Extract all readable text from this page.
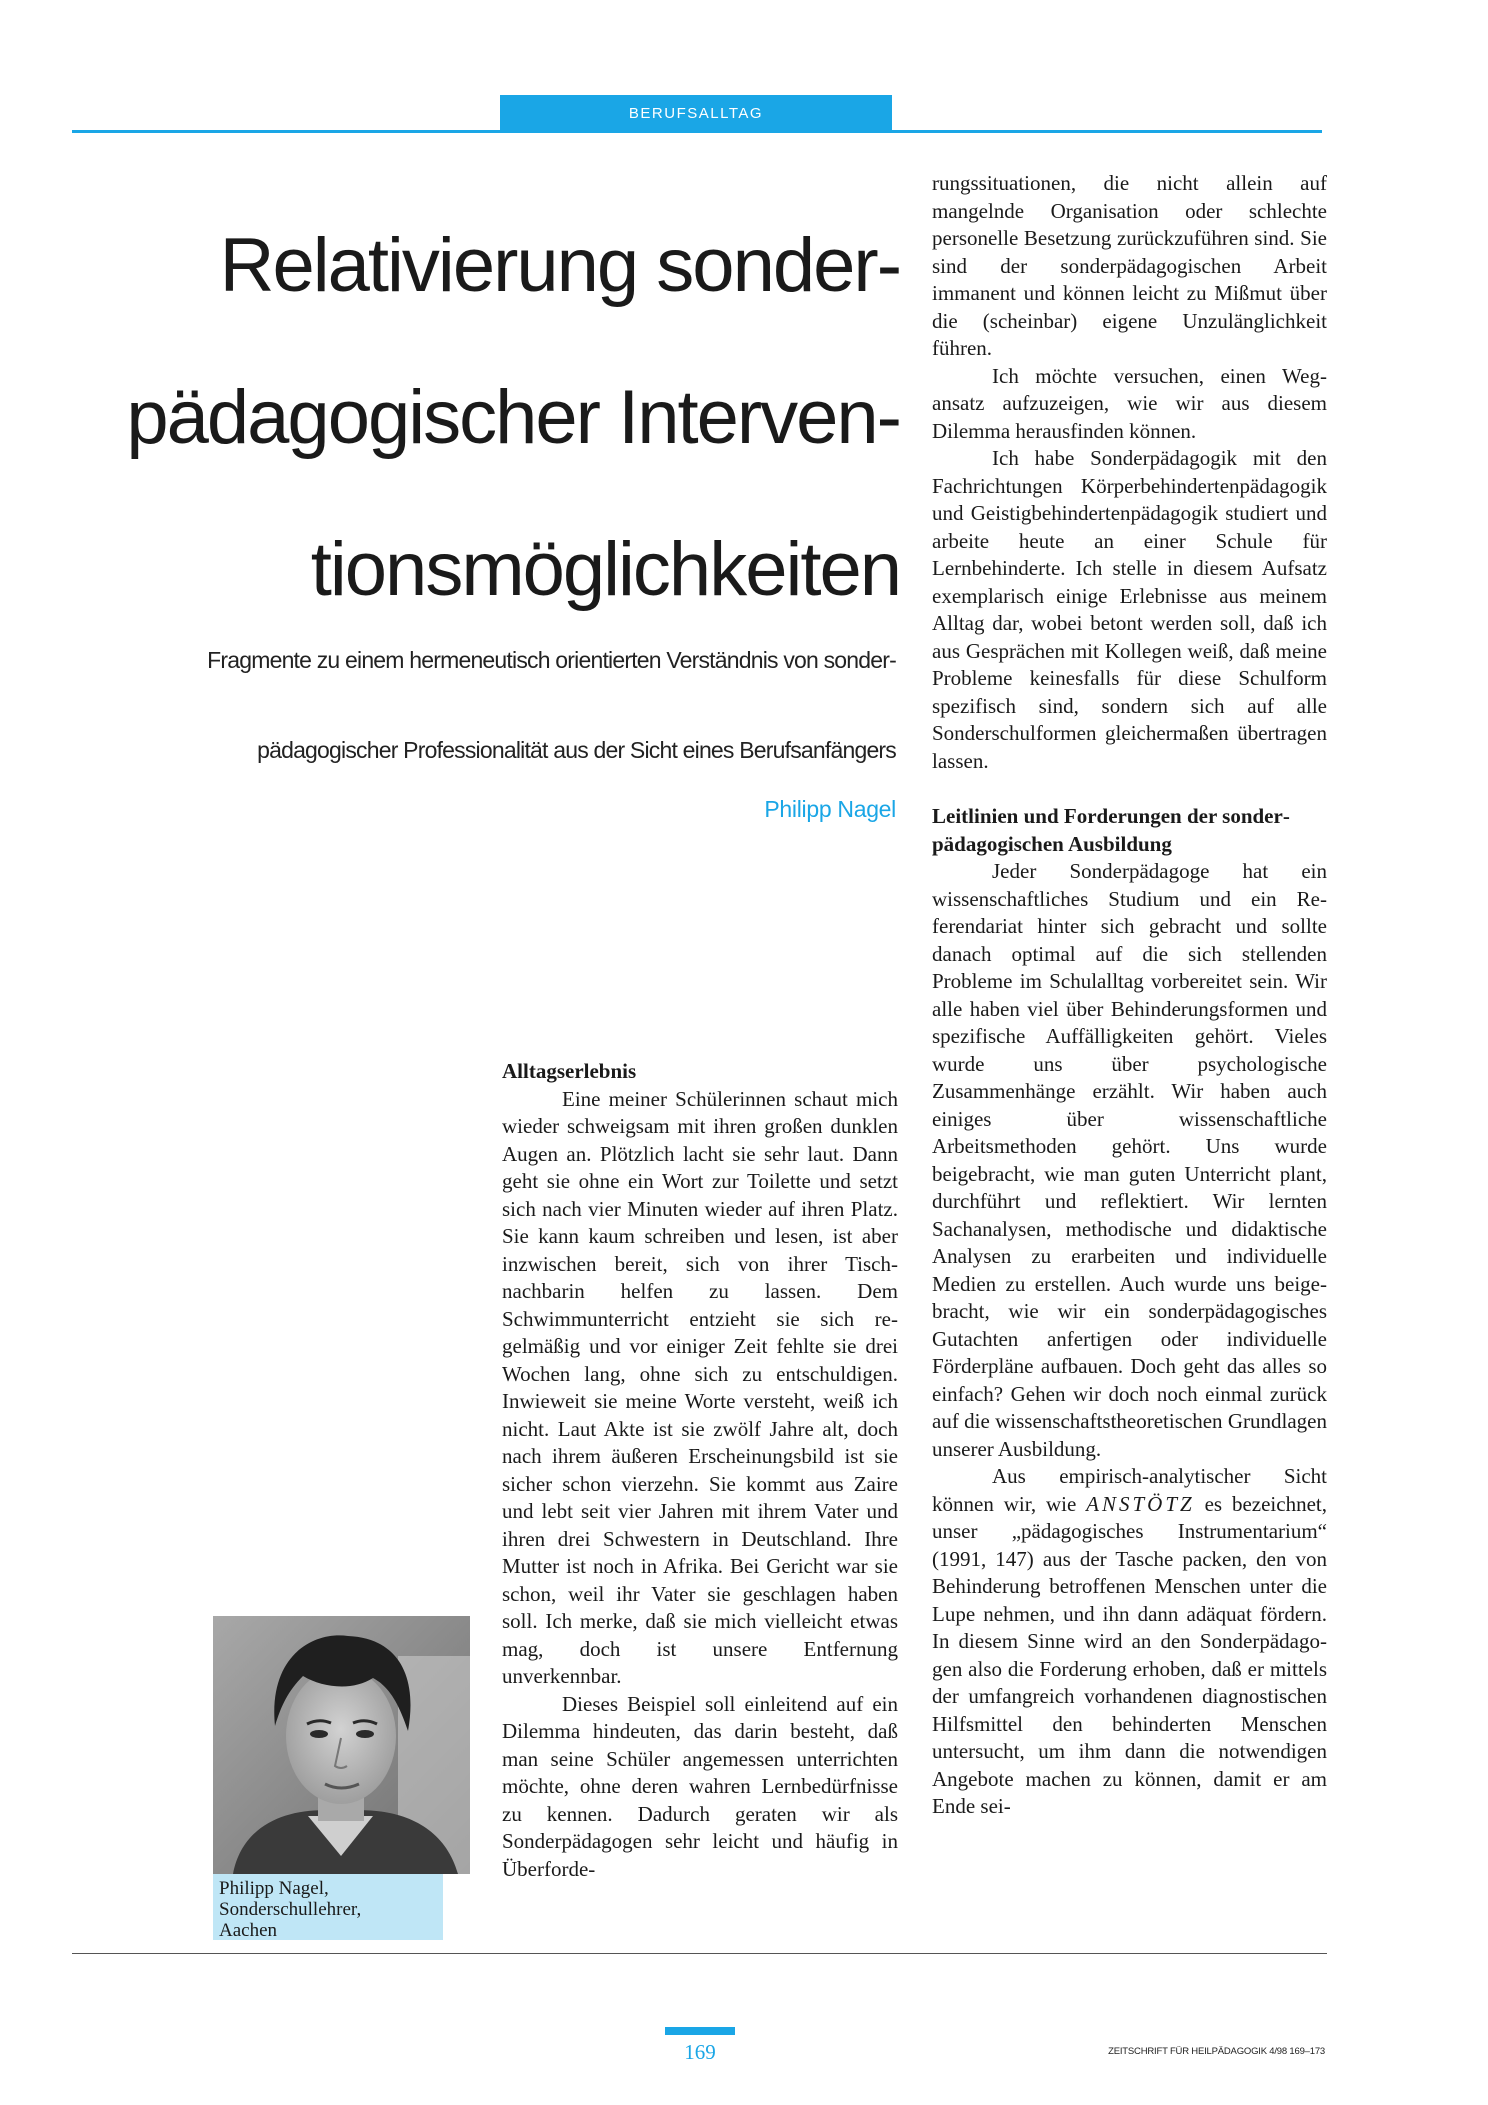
BERUFSALLTAG
Relativierung sonder-
pädagogischer Interven-
tionsmöglichkeiten
Fragmente zu einem hermeneutisch orientierten Verständnis von sonder-
pädagogischer Professionalität aus der Sicht eines Berufsanfängers
Philipp Nagel
Alltagserlebnis

Eine meiner Schülerinnen schaut mich wieder schweigsam mit ihren großen dunklen Augen an. Plötzlich lacht sie sehr laut. Dann geht sie ohne ein Wort zur Toilette und setzt sich nach vier Minuten wieder auf ihren Platz. Sie kann kaum schreiben und lesen, ist aber inzwischen bereit, sich von ihrer Tischnachbarin helfen zu lassen. Dem Schwimmunterricht entzieht sie sich regelmäßig und vor einiger Zeit fehlte sie drei Wochen lang, ohne sich zu entschuldigen. Inwieweit sie meine Worte versteht, weiß ich nicht. Laut Akte ist sie zwölf Jahre alt, doch nach ihrem äußeren Erscheinungsbild ist sie sicher schon vierzehn. Sie kommt aus Zaire und lebt seit vier Jahren mit ihrem Vater und ihren drei Schwestern in Deutschland. Ihre Mutter ist noch in Afrika. Bei Gericht war sie schon, weil ihr Vater sie geschlagen haben soll. Ich merke, daß sie mich vielleicht etwas mag, doch ist unsere Entfernung unverkennbar.

Dieses Beispiel soll einleitend auf ein Dilemma hindeuten, das darin besteht, daß man seine Schüler angemessen unterrichten möchte, ohne deren wahren Lernbedürfnisse zu kennen. Dadurch geraten wir als Sonderpädagogen sehr leicht und häufig in Überforde-

rungssituationen, die nicht allein auf mangelnde Organisation oder schlechte personelle Besetzung zurückzuführen sind. Sie sind der sonderpädagogischen Arbeit immanent und können leicht zu Mißmut über die (scheinbar) eigene Unzulänglichkeit führen.

Ich möchte versuchen, einen Wegansatz aufzuzeigen, wie wir aus diesem Dilemma herausfinden können.

Ich habe Sonderpädagogik mit den Fachrichtungen Körperbehindertenpädagogik und Geistigbehindertenpädagogik studiert und arbeite heute an einer Schule für Lernbehinderte. Ich stelle in diesem Aufsatz exemplarisch einige Erlebnisse aus meinem Alltag dar, wobei betont werden soll, daß ich aus Gesprächen mit Kollegen weiß, daß meine Probleme keinesfalls für diese Schulform spezifisch sind, sondern sich auf alle Sonderschulformen gleichermaßen übertragen lassen.

Leitlinien und Forderungen der sonderpädagogischen Ausbildung

Jeder Sonderpädagoge hat ein wissenschaftliches Studium und ein Referendariat hinter sich gebracht und sollte danach optimal auf die sich stellenden Probleme im Schulalltag vorbereitet sein. Wir alle haben viel über Behinderungsformen und spezifische Auffälligkeiten gehört. Vieles wurde uns über psychologische Zusammenhänge erzählt. Wir haben auch einiges über wissenschaftliche Arbeitsmethoden gehört. Uns wurde beigebracht, wie man guten Unterricht plant, durchführt und reflektiert. Wir lernten Sachanalysen, methodische und didaktische Analysen zu erarbeiten und individuelle Medien zu erstellen. Auch wurde uns beigebracht, wie wir ein sonderpädagogisches Gutachten anfertigen oder individuelle Förderpläne aufbauen. Doch geht das alles so einfach? Gehen wir doch noch einmal zurück auf die wissenschaftstheoretischen Grundlagen unserer Ausbildung.

Aus empirisch-analytischer Sicht können wir, wie ANSTÖTZ es bezeichnet, unser „pädagogisches Instrumentarium“ (1991, 147) aus der Tasche packen, den von Behinderung betroffenen Menschen unter die Lupe nehmen, und ihn dann adäquat fördern. In diesem Sinne wird an den Sonderpädagogen also die Forderung erhoben, daß er mittels der umfangreich vorhandenen diagnostischen Hilfsmittel den behinderten Menschen untersucht, um ihm dann die notwendigen Angebote machen zu können, damit er am Ende sei-

Philipp Nagel,
Sonderschullehrer,
Aachen
169	ZEITSCHRIFT FÜR HEILPÄDAGOGIK 4/98 169–173
